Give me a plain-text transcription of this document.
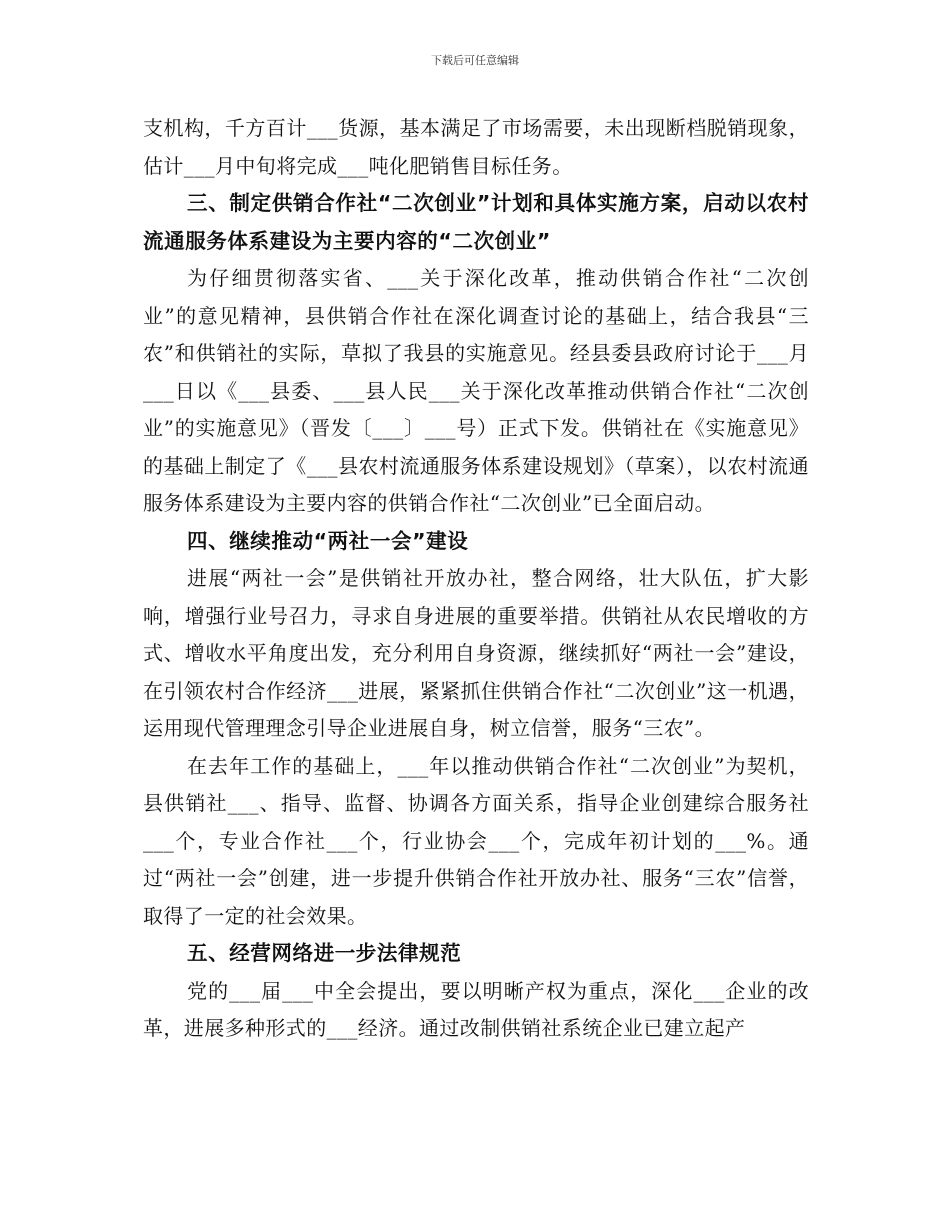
下载后可任意编辑

支机构，千方百计___货源，基本满足了市场需要，未出现断档脱销现象，估计___月中旬将完成___吨化肥销售目标任务。

三、制定供销合作社“二次创业”计划和具体实施方案，启动以农村流通服务体系建设为主要内容的“二次创业”

为仔细贯彻落实省、___关于深化改革，推动供销合作社“二次创业”的意见精神，县供销合作社在深化调查讨论的基础上，结合我县“三农”和供销社的实际，草拟了我县的实施意见。经县委县政府讨论于___月___日以《___县委、___县人民___关于深化改革推动供销合作社“二次创业”的实施意见》（晋发〔___〕___号）正式下发。供销社在《实施意见》的基础上制定了《___县农村流通服务体系建设规划》（草案），以农村流通服务体系建设为主要内容的供销合作社“二次创业”已全面启动。

四、继续推动“两社一会”建设

进展“两社一会”是供销社开放办社，整合网络，壮大队伍，扩大影响，增强行业号召力，寻求自身进展的重要举措。供销社从农民增收的方式、增收水平角度出发，充分利用自身资源，继续抓好“两社一会”建设，在引领农村合作经济___进展，紧紧抓住供销合作社“二次创业”这一机遇，运用现代管理理念引导企业进展自身，树立信誉，服务“三农”。

在去年工作的基础上，___年以推动供销合作社“二次创业”为契机，县供销社___、指导、监督、协调各方面关系，指导企业创建综合服务社___个，专业合作社___个，行业协会___个，完成年初计划的___%。通过“两社一会”创建，进一步提升供销合作社开放办社、服务“三农”信誉，取得了一定的社会效果。

五、经营网络进一步法律规范

党的___届___中全会提出，要以明晰产权为重点，深化___企业的改革，进展多种形式的___经济。通过改制供销社系统企业已建立起产
